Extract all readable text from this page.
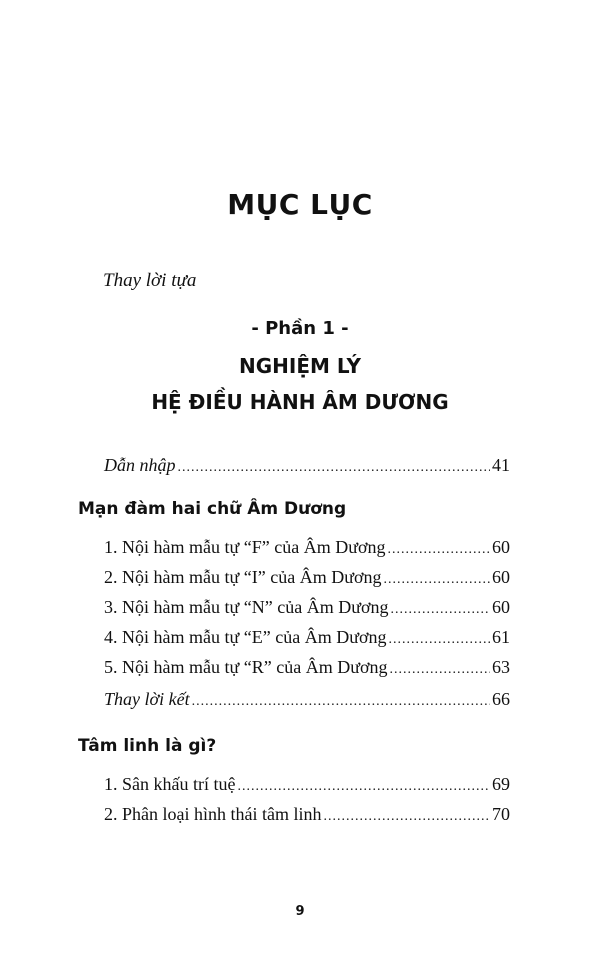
MỤC LỤC
Thay lời tựa
- Phần 1 -
NGHIỆM LÝ
HỆ ĐIỀU HÀNH ÂM DƯƠNG
Dẫn nhập .....	41
Mạn đàm hai chữ Âm Dương
1. Nội hàm mẫu tự “F” của Âm Dương .....	60
2. Nội hàm mẫu tự “I” của Âm Dương .....	60
3. Nội hàm mẫu tự “N” của Âm Dương .....	60
4. Nội hàm mẫu tự “E” của Âm Dương .....	61
5. Nội hàm mẫu tự “R” của Âm Dương .....	63
Thay lời kết .....	66
Tâm linh là gì?
1. Sân khấu trí tuệ .....	69
2. Phân loại hình thái tâm linh .....	70
9
